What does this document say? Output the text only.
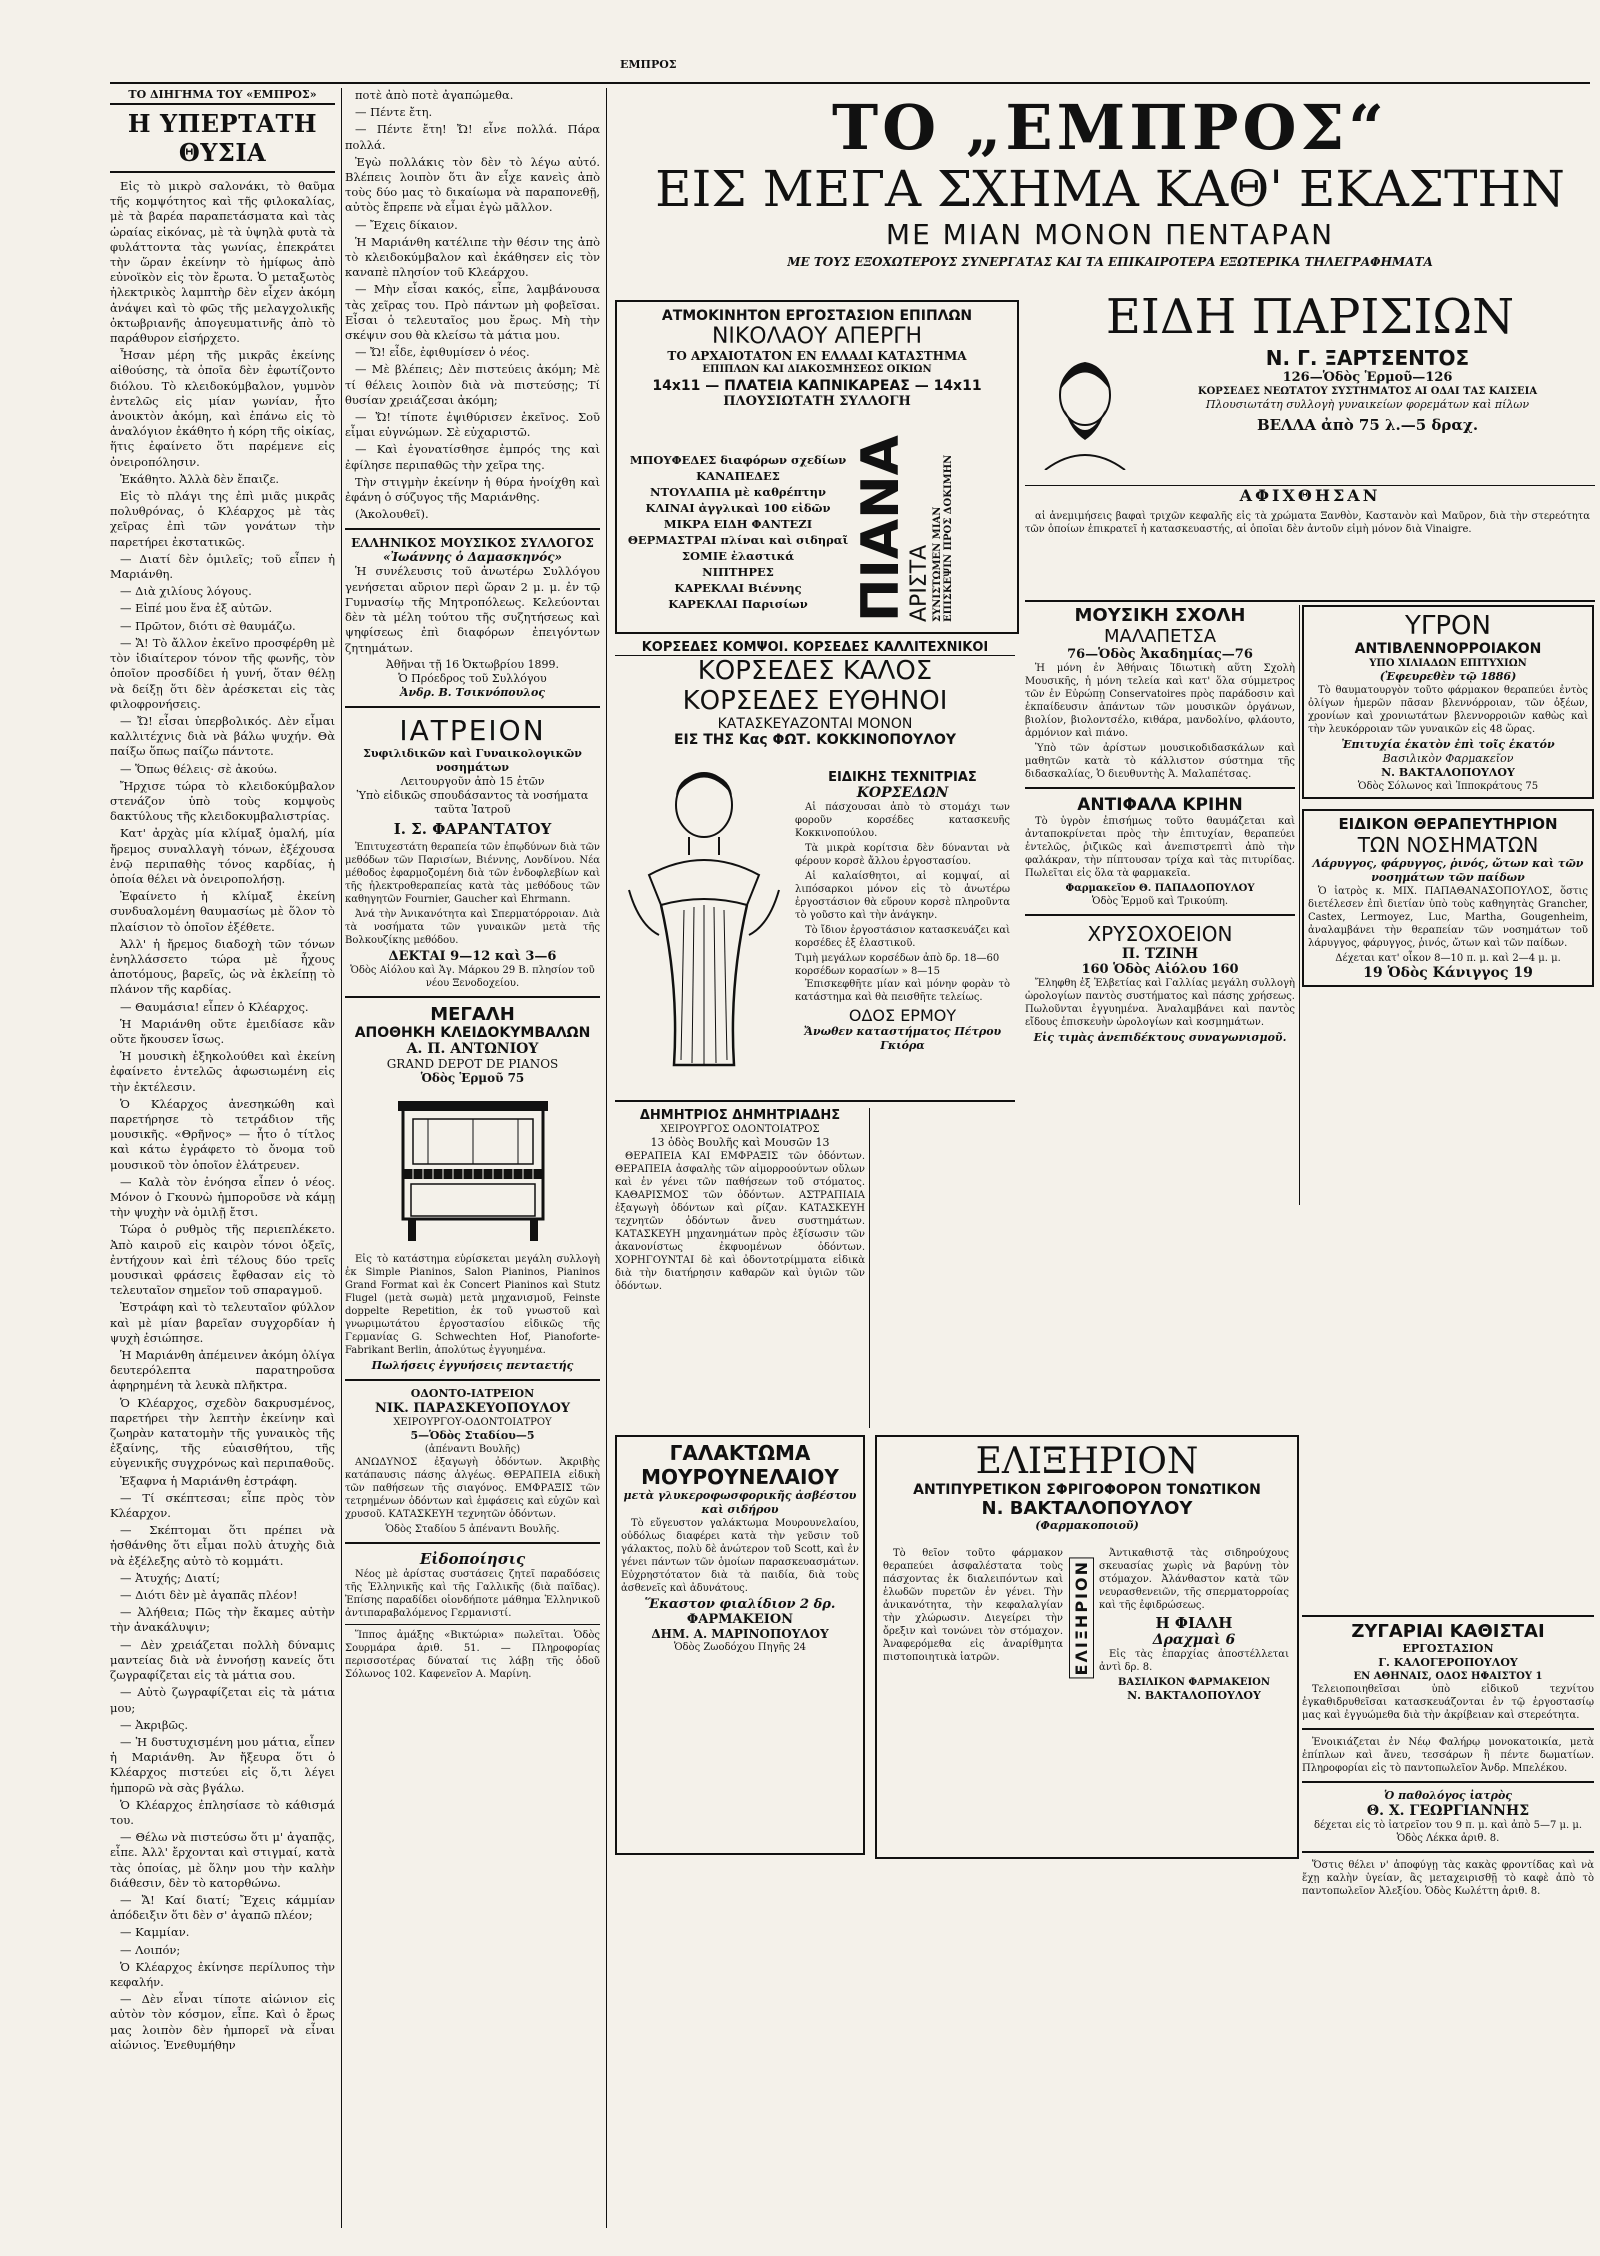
ΕΜΠΡΟΣ
ΤΟ ΔΙΗΓΗΜΑ ΤΟΥ «ΕΜΠΡΟΣ»
Η ΥΠΕΡΤΑΤΗ ΘΥΣΙΑ

Εἰς τὸ μικρὸ σαλονάκι, τὸ θαῦμα τῆς κομψότητος καὶ τῆς φιλοκαλίας, μὲ τὰ βαρέα παραπετάσματα καὶ τὰς ὡραίας εἰκόνας, μὲ τὰ ὑψηλὰ φυτὰ τὰ φυλάττοντα τὰς γωνίας, ἐπεκράτει τὴν ὥραν ἐκείνην τὸ ἡμίφως ἀπὸ εὐνοϊκὸν εἰς τὸν ἔρωτα. Ὁ μεταξωτὸς ἠλεκτρικὸς λαμπτὴρ δὲν εἶχεν ἀκόμη ἀνάψει καὶ τὸ φῶς τῆς μελαγχολικῆς ὀκτωβριανῆς ἀπογευματινῆς ἀπὸ τὸ παράθυρον εἰσήρχετο.

Ἦσαν μέρη τῆς μικρᾶς ἐκείνης αἰθούσης, τὰ ὁποῖα δὲν ἐφωτίζοντο διόλου. Τὸ κλειδοκύμβαλον, γυμνὸν ἐντελῶς εἰς μίαν γωνίαν, ἦτο ἀνοικτὸν ἀκόμη, καὶ ἐπάνω εἰς τὸ ἀναλόγιον ἐκάθητο ἡ κόρη τῆς οἰκίας, ἥτις ἐφαίνετο ὅτι παρέμενε εἰς ὀνειροπόλησιν.

Ἐκάθητο. Ἀλλὰ δὲν ἔπαιζε.

Εἰς τὸ πλάγι της ἐπὶ μιᾶς μικρᾶς πολυθρόνας, ὁ Κλέαρχος μὲ τὰς χεῖρας ἐπὶ τῶν γονάτων τὴν παρετήρει ἐκστατικῶς.

— Διατί δὲν ὁμιλεῖς; τοῦ εἶπεν ἡ Μαριάνθη.

— Διὰ χιλίους λόγους.

— Εἰπέ μου ἕνα ἐξ αὐτῶν.

— Πρῶτον, διότι σὲ θαυμάζω.

— Ἄ! Τὸ ἄλλον ἐκεῖνο προσφέρθη μὲ τὸν ἰδιαίτερον τόνον τῆς φωνῆς, τὸν ὁποῖον προσδίδει ἡ γυνή, ὅταν θέλῃ νὰ δείξῃ ὅτι δὲν ἀρέσκεται εἰς τὰς φιλοφρονήσεις.

— Ὤ! εἶσαι ὑπερβολικός. Δὲν εἶμαι καλλιτέχνις διὰ νὰ βάλω ψυχήν. Θὰ παίξω ὅπως παίζω πάντοτε.

— Ὅπως θέλεις· σὲ ἀκούω.

Ἤρχισε τώρα τὸ κλειδοκύμβαλον στενάζον ὑπὸ τοὺς κομψοὺς δακτύλους τῆς κλειδοκυμβαλιστρίας.

Κατ' ἀρχὰς μία κλίμαξ ὁμαλή, μία ἤρεμος συναλλαγὴ τόνων, ἐξέχουσα ἐνῷ περιπαθὴς τόνος καρδίας, ἡ ὁποία θέλει νὰ ὀνειροπολήσῃ.

Ἐφαίνετο ἡ κλίμαξ ἐκείνη συνδυαλομένη θαυμασίως μὲ ὅλον τὸ πλαίσιον τὸ ὁποῖον ἐξέθετε.

Ἀλλ' ἡ ἤρεμος διαδοχὴ τῶν τόνων ἐνηλλάσσετο τώρα μὲ ἦχους ἀποτόμους, βαρεῖς, ὡς νὰ ἐκλείπῃ τὸ πλάνον τῆς καρδίας.

— Θαυμάσια! εἶπεν ὁ Κλέαρχος.

Ἡ Μαριάνθη οὔτε ἐμειδίασε κἂν οὔτε ἤκουσεν ἴσως.

Ἡ μουσικὴ ἐξηκολούθει καὶ ἐκείνη ἐφαίνετο ἐντελῶς ἀφωσιωμένη εἰς τὴν ἐκτέλεσιν.

Ὁ Κλέαρχος ἀνεσηκώθη καὶ παρετήρησε τὸ τετράδιον τῆς μουσικῆς. «Θρῆνος» — ἦτο ὁ τίτλος καὶ κάτω ἐγράφετο τὸ ὄνομα τοῦ μουσικοῦ τὸν ὁποῖον ἐλάτρευεν.

— Καλὰ τὸν ἐνόησα εἶπεν ὁ νέος. Μόνον ὁ Γκουνὼ ἠμποροῦσε νὰ κάμῃ τὴν ψυχὴν νὰ ὁμιλῇ ἔτσι.

Τώρα ὁ ρυθμὸς τῆς περιεπλέκετο. Ἀπὸ καιροῦ εἰς καιρὸν τόνοι ὀξεῖς, ἐντήχουν καὶ ἐπὶ τέλους δύο τρεῖς μουσικαὶ φράσεις ἔφθασαν εἰς τὸ τελευταῖον σημεῖον τοῦ σπαραγμοῦ.

Ἐστράφη καὶ τὸ τελευταῖον φύλλον καὶ μὲ μίαν βαρεῖαν συγχορδίαν ἡ ψυχὴ ἐσιώπησε.

Ἡ Μαριάνθη ἀπέμεινεν ἀκόμη ὀλίγα δευτερόλεπτα παρατηροῦσα ἀφηρημένη τὰ λευκὰ πλῆκτρα.

Ὁ Κλέαρχος, σχεδὸν δακρυσμένος, παρετήρει τὴν λεπτὴν ἐκείνην καὶ ζωηρὰν κατατομὴν τῆς γυναικὸς τῆς ἐξαίνης, τῆς εὐαισθήτου, τῆς εὐγενικῆς συγχρόνως καὶ περιπαθοῦς.

Ἐξαφνα ἡ Μαριάνθη ἐστράφη.

— Τί σκέπτεσαι; εἶπε πρὸς τὸν Κλέαρχον.

— Σκέπτομαι ὅτι πρέπει νὰ ἠσθάνθης ὅτι εἶμαι πολὺ ἀτυχὴς διὰ νὰ ἐξέλεξης αὐτὸ τὸ κομμάτι.

— Ἀτυχής; Διατί;

— Διότι δὲν μὲ ἀγαπᾶς πλέον!

— Ἀλήθεια; Πῶς τὴν ἔκαμες αὐτὴν τὴν ἀνακάλυψιν;

— Δὲν χρειάζεται πολλὴ δύναμις μαντείας διὰ νὰ ἐννοήσῃ κανείς ὅτι ζωγραφίζεται εἰς τὰ μάτια σου.

— Αὐτὸ ζωγραφίζεται εἰς τὰ μάτια μου;

— Ἀκριβῶς.

— Ἡ δυστυχισμένη μου μάτια, εἶπεν ἡ Μαριάνθη. Ἀν ἤξευρα ὅτι ὁ Κλέαρχος πιστεύει εἰς ὅ,τι λέγει ἡμπορῶ νὰ σὰς βγάλω.

Ὁ Κλέαρχος ἐπλησίασε τὸ κάθισμά του.

— Θέλω νὰ πιστεύσω ὅτι μ' ἀγαπᾷς, εἶπε. Ἀλλ' ἔρχονται καὶ στιγμαί, κατὰ τὰς ὁποίας, μὲ ὅλην μου τὴν καλὴν διάθεσιν, δὲν τὸ κατορθώνω.

— Ἄ! Καί διατί; Ἔχεις κάμμίαν ἀπόδειξιν ὅτι δὲν σ' ἀγαπῶ πλέον;

— Καμμίαν.

— Λοιπόν;

Ὁ Κλέαρχος ἐκίνησε περίλυπος τὴν κεφαλήν.

— Δὲν εἶναι τίποτε αἰώνιον εἰς αὐτὸν τὸν κόσμον, εἶπε. Καὶ ὁ ἔρως μας λοιπὸν δὲν ἠμπορεῖ νὰ εἶναι αἰώνιος. Ἐνεθυμήθην

ποτὲ ἀπὸ ποτὲ ἀγαπώμεθα.

— Πέντε ἔτη.

— Πέντε ἔτη! Ὤ! εἶνε πολλά. Πάρα πολλά.

Ἐγὼ πολλάκις τὸν δὲν τὸ λέγω αὐτό. Βλέπεις λοιπὸν ὅτι ἂν εἶχε κανεὶς ἀπὸ τοὺς δύο μας τὸ δικαίωμα νὰ παραπονεθῇ, αὐτὸς ἔπρεπε νὰ εἶμαι ἐγὼ μᾶλλον.

— Ἔχεις δίκαιον.

Ἡ Μαριάνθη κατέλιπε τὴν θέσιν της ἀπὸ τὸ κλειδοκύμβαλον καὶ ἐκάθησεν εἰς τὸν καναπὲ πλησίον τοῦ Κλεάρχου.

— Μὴν εἶσαι κακός, εἶπε, λαμβάνουσα τὰς χεῖρας του. Πρὸ πάντων μὴ φοβεῖσαι. Εἶσαι ὁ τελευταῖος μου ἔρως. Μὴ τὴν σκέψιν σου θὰ κλείσω τὰ μάτια μου.

— Ὤ! εἶδε, ἐφιθυμίσεν ὁ νέος.

— Μὲ βλέπεις; Δὲν πιστεύεις ἀκόμη; Μὲ τί θέλεις λοιπὸν διὰ νὰ πιστεύσῃς; Τί θυσίαν χρειάζεσαι ἀκόμη;

— Ὤ! τίποτε ἐψιθύρισεν ἐκεῖνος. Σοῦ εἶμαι εὐγνώμων. Σὲ εὐχαριστῶ.

— Καὶ ἐγονατίσθησε ἐμπρός της καὶ ἐφίλησε περιπαθῶς τὴν χεῖρα της.

Τὴν στιγμὴν ἐκείνην ἡ θύρα ἠνοίχθη καὶ ἐφάνη ὁ σύζυγος τῆς Μαριάνθης.

(Ἀκολουθεῖ).

ΕΛΛΗΝΙΚΟΣ ΜΟΥΣΙΚΟΣ ΣΥΛΛΟΓΟΣ
«Ἰωάννης ὁ Δαμασκηνός»

Ἡ συνέλευσις τοῦ ἀνωτέρω Συλλόγου γενήσεται αὔριον περὶ ὥραν 2 μ. μ. ἐν τῷ Γυμνασίῳ τῆς Μητροπόλεως. Κελεύονται δὲν τὰ μέλη τούτου τῆς συζητήσεως καὶ ψηφίσεως ἐπὶ διαφόρων ἐπειγόντων ζητημάτων.

Ἀθῆναι τῇ 16 Ὀκτωβρίου 1899.
Ὁ Πρόεδρος τοῦ Συλλόγου
Ἀνδρ. Β. Τσικνόπουλος
ΙΑΤΡΕΙΟΝ
Συφιλιδικῶν καὶ Γυναικολογικῶν νοσημάτων
Λειτουργοῦν ἀπὸ 15 ἐτῶν
Ὑπὸ εἰδικῶς σπουδάσαντος τὰ νοσήματα ταῦτα Ἰατροῦ
Ι. Σ. ΦΑΡΑΝΤΑΤΟΥ

Ἐπιτυχεστάτη θεραπεία τῶν ἐπῳδύνων διὰ τῶν μεθόδων τῶν Παρισίων, Βιέννης, Λονδίνου. Νέα μέθοδος ἐφαρμοζομένη διὰ τῶν ἐνδοφλεβίων καὶ τῆς ἠλεκτροθεραπείας κατὰ τὰς μεθόδους τῶν καθηγητῶν Fournier, Gaucher καὶ Ehrmann.

Ἀνά τὴν Ἀνικανότητα καὶ Σπερματόρροιαν. Διὰ τὰ νοσήματα τῶν γυναικῶν μετὰ τῆς Βολκουζίκης μεθόδου.

ΔΕΚΤΑΙ 9—12 καὶ 3—6
Ὁδὸς Αἰόλου καὶ Ἁγ. Μάρκου 29 Β. πλησίον τοῦ νέου Ξενοδοχείου.
ΜΕΓΑΛΗ
ΑΠΟΘΗΚΗ ΚΛΕΙΔΟΚΥΜΒΑΛΩΝ
Α. Π. ΑΝΤΩΝΙΟΥ
GRAND DEPOT DE PIANOS
Ὁδὸς Ἑρμοῦ 75

Εἰς τὸ κατάστημα εὑρίσκεται μεγάλη συλλογὴ ἐκ Simple Pianinos, Salon Pianinos, Pianinos Grand Format καὶ ἐκ Concert Pianinos καὶ Stutz Flugel (μετὰ σωμὰ) μετὰ μηχανισμοῦ, Feinste doppelte Repetition, ἐκ τοῦ γνωστοῦ καὶ γνωριμωτάτου ἐργοστασίου εἰδικῶς τῆς Γερμανίας G. Schwechten Hof, Pianoforte-Fabrikant Berlin, ἀπολύτως ἐγγυημένα.

Πωλήσεις ἐγγυήσεις πενταετής
ΟΔΟΝΤΟ-ΙΑΤΡΕΙΟΝ
ΝΙΚ. ΠΑΡΑΣΚΕΥΟΠΟΥΛΟΥ
ΧΕΙΡΟΥΡΓΟΥ-ΟΔΟΝΤΟΙΑΤΡΟΥ
5—Ὁδὸς Σταδίου—5
(ἀπέναντι Βουλῆς)

ΑΝΩΔΥΝΟΣ ἐξαγωγὴ ὀδόντων. Ἀκριβὴς κατάπαυσις πάσης ἀλγέως. ΘΕΡΑΠΕΙΑ εἰδικὴ τῶν παθήσεων τῆς σιαγόνος. ΕΜΦΡΑΞΙΣ τῶν τετρημένων ὀδόντων καὶ ἐμφάσεις καὶ εὐχῶν καὶ χρυσοῦ. ΚΑΤΑΣΚΕΥΗ τεχνητῶν ὀδόντων.

Ὁδὸς Σταδίου 5 ἀπέναντι Βουλῆς.
Εἰδοποίησις

Νέος μὲ ἀρίστας συστάσεις ζητεῖ παραδόσεις τῆς Ἑλληνικῆς καὶ τῆς Γαλλικῆς (διὰ παῖδας). Ἐπίσης παραδίδει οἰονδήποτε μάθημα Ἑλληνικοῦ ἀντιπαραβαλόμενος Γερμανιστί.

Ἵππος ἀμάξης «Βικτώρια» πωλεῖται. Ὁδὸς Σουρμάρα ἀριθ. 51. — Πληροφορίας περισσοτέρας δύναταί τις λάβῃ τῆς ὁδοῦ Σόλωνος 102. Καφενεῖον Α. Μαρίνη.

ΤΟ „ΕΜΠΡΟΣ“
ΕΙΣ ΜΕΓΑ ΣΧΗΜΑ ΚΑΘ' ΕΚΑΣΤΗΝ
ΜΕ ΜΙΑΝ ΜΟΝΟΝ ΠΕΝΤΑΡΑΝ
ΜΕ ΤΟΥΣ ΕΞΟΧΩΤΕΡΟΥΣ ΣΥΝΕΡΓΑΤΑΣ ΚΑΙ ΤΑ ΕΠΙΚΑΙΡΟΤΕΡΑ ΕΞΩΤΕΡΙΚΑ ΤΗΛΕΓΡΑΦΗΜΑΤΑ
ΑΤΜΟΚΙΝΗΤΟΝ ΕΡΓΟΣΤΑΣΙΟΝ ΕΠΙΠΛΩΝ
ΝΙΚΟΛΑΟΥ ΑΠΕΡΓΗ
ΤΟ ΑΡΧΑΙΟΤΑΤΟΝ ΕΝ ΕΛΛΑΔΙ ΚΑΤΑΣΤΗΜΑ
ΕΠΙΠΛΩΝ ΚΑΙ ΔΙΑΚΟΣΜΗΣΕΩΣ ΟΙΚΙΩΝ
14x11 — ΠΛΑΤΕΙΑ ΚΑΠΝΙΚΑΡΕΑΣ — 14x11
ΠΛΟΥΣΙΩΤΑΤΗ ΣΥΛΛΟΓΗ
ΜΠΟΥΦΕΔΕΣ διαφόρων σχεδίων
ΚΑΝΑΠΕΔΕΣ
ΝΤΟΥΛΑΠΙΑ μὲ καθρέπτην
ΚΛΙΝΑΙ ἀγγλικαὶ 100 εἰδῶν
ΜΙΚΡΑ ΕΙΔΗ ΦΑΝΤΕΖΙ
ΘΕΡΜΑΣΤΡΑΙ πλίναι καὶ σιδηραῖ
ΣΟΜΙΕ ἐλαστικά
ΝΙΠΤΗΡΕΣ
ΚΑΡΕΚΛΑΙ Βιέννης
ΚΑΡΕΚΛΑΙ Παρισίων ΠΙΑΝΑ
ΑΡΙΣΤΑ ΣΥΝΙΣΤΩΜΕΝ ΜΙΑΝ ΕΠΙΣΚΕΨΙΝ ΠΡΟΣ ΔΟΚΙΜΗΝ
ΚΟΡΣΕΔΕΣ ΚΟΜΨΟΙ. ΚΟΡΣΕΔΕΣ ΚΑΛΛΙΤΕΧΝΙΚΟΙ
ΚΟΡΣΕΔΕΣ ΚΑΛΟΣ
ΚΟΡΣΕΔΕΣ ΕΥΘΗΝΟΙ
ΚΑΤΑΣΚΕΥΑΖΟΝΤΑΙ ΜΟΝΟΝ
ΕΙΣ ΤΗΣ Κας ΦΩΤ. ΚΟΚΚΙΝΟΠΟΥΛΟΥ
ΕΙΔΙΚΗΣ ΤΕΧΝΙΤΡΙΑΣ
ΚΟΡΣΕΔΩΝ

Αἱ πάσχουσαι ἀπὸ τὸ στομάχι των φοροῦν κορσέδες κατασκευῆς Κοκκινοπούλου.

Τὰ μικρὰ κορίτσια δὲν δύνανται νὰ φέρουν κορσὲ ἄλλου ἐργοστασίου.

Αἱ καλαίσθητοι, αἱ κομψαί, αἱ λιπόσαρκοι μόνον εἰς τὸ ἀνωτέρω ἐργοστάσιον θὰ εὕρουν κορσὲ πληροῦντα τὸ γοῦστο καὶ τὴν ἀνάγκην.

Τὸ ἴδιον ἐργοστάσιον κατασκευάζει καὶ κορσέδες ἐξ ἐλαστικοῦ.

Τιμὴ μεγάλων κορσέδων ἀπὸ δρ. 18—60
κορσέδων κορασίων » 8—15

Ἐπισκεφθῆτε μίαν καὶ μόνην φορὰν τὸ κατάστημα καὶ θὰ πεισθῆτε τελείως.

ΟΔΟΣ ΕΡΜΟΥ
Ἄνωθεν καταστήματος Πέτρου Γκιόρα
ΔΗΜΗΤΡΙΟΣ ΔΗΜΗΤΡΙΑΔΗΣ
ΧΕΙΡΟΥΡΓΟΣ ΟΔΟΝΤΟΙΑΤΡΟΣ
13 ὁδὸς Βουλῆς καὶ Μουσῶν 13

ΘΕΡΑΠΕΙΑ ΚΑΙ ΕΜΦΡΑΞΙΣ τῶν ὀδόντων. ΘΕΡΑΠΕΙΑ ἀσφαλὴς τῶν αἱμορροούντων οὔλων καὶ ἐν γένει τῶν παθήσεων τοῦ στόματος. ΚΑΘΑΡΙΣΜΟΣ τῶν ὀδόντων. ΑΣΤΡΑΠΙΑΙΑ ἐξαγωγὴ ὀδόντων καὶ ρίζαν. ΚΑΤΑΣΚΕΥΗ τεχνητῶν ὀδόντων ἄνευ συστημάτων. ΚΑΤΑΣΚΕΥΗ μηχανημάτων πρὸς ἐξίσωσιν τῶν ἀκανονίστως ἐκφυομένων ὀδόντων. ΧΟΡΗΓΟΥΝΤΑΙ δὲ καὶ ὀδοντοτρίμματα εἰδικὰ διὰ τὴν διατήρησιν καθαρῶν καὶ ὑγιῶν τῶν ὀδόντων.

ΓΑΛΑΚΤΩΜΑ ΜΟΥΡΟΥΝΕΛΑΙΟΥ
μετὰ γλυκεροφωσφορικῆς ἀσβέστου καὶ σιδήρου

Τὸ εὔγευστον γαλάκτωμα Μουρουνελαίου, οὐδόλως διαφέρει κατὰ τὴν γεῦσιν τοῦ γάλακτος, πολὺ δὲ ἀνώτερον τοῦ Scott, καὶ ἐν γένει πάντων τῶν ὁμοίων παρασκευασμάτων. Εὐχρηστότατον διὰ τὰ παιδία, διὰ τοὺς ἀσθενεῖς καὶ ἀδυνάτους.

Ἕκαστον φιαλίδιον 2 δρ.
ΦΑΡΜΑΚΕΙΟΝ
ΔΗΜ. Α. ΜΑΡΙΝΟΠΟΥΛΟΥ
Ὁδὸς Ζωοδόχου Πηγῆς 24
ΕΙΔΗ ΠΑΡΙΣΙΩΝ
Ν. Γ. ΞΑΡΤΣΕΝΤΟΣ
126—Ὁδὸς Ἑρμοῦ—126
ΚΟΡΣΕΔΕΣ ΝΕΩΤΑΤΟΥ ΣΥΣΤΗΜΑΤΟΣ ΑΙ ΟΔΑΙ ΤΑΣ ΚΑΙΣΕΙΑ
Πλουσιωτάτη συλλογὴ γυναικείων φορεμάτων καὶ πίλων
ΒΕΛΛΑ ἀπὸ 75 λ.—5 δραχ.
ΑΦΙΧΘΗΣΑΝ

αἱ ἀνεμιμήσεις βαφαὶ τριχῶν κεφαλῆς εἰς τὰ χρώματα Ξανθὸν, Καστανὸν καὶ Μαῦρον, διὰ τὴν στερεότητα τῶν ὁποίων ἐπικρατεῖ ἡ κατασκευαστής, αἱ ὁποῖαι δὲν ἀντοῦν εἰμὴ μόνον διὰ Vinaigre.

ΜΟΥΣΙΚΗ ΣΧΟΛΗ
ΜΑΛΑΠΕΤΣΑ
76—Ὁδὸς Ἀκαδημίας—76

Ἡ μόνη ἐν Ἀθήναις Ἰδιωτικὴ αὕτη Σχολὴ Μουσικῆς, ἡ μόνη τελεία καὶ κατ' ὅλα σύμμετρος τῶν ἐν Εὐρώπῃ Conservatoires πρὸς παράδοσιν καὶ ἐκπαίδευσιν ἁπάντων τῶν μουσικῶν ὀργάνων, βιολίον, βιολοντσέλο, κιθάρα, μανδολίνο, φλάουτο, ἁρμόνιον καὶ πιάνο.

Ὑπὸ τῶν ἀρίστων μουσικοδιδασκάλων καὶ μαθητῶν κατὰ τὸ κάλλιστον σύστημα τῆς διδασκαλίας, Ὁ διευθυντὴς Ἀ. Μαλαπέτσας.

ΑΝΤΙΦΑΛΑ ΚΡΙΗΝ

Τὸ ὑγρὸν ἐπισήμως τοῦτο θαυμάζεται καὶ ἀνταποκρίνεται πρὸς τὴν ἐπιτυχίαν, θεραπεύει ἐντελῶς, ῥιζικῶς καὶ ἀνεπιστρεπτὶ ἀπὸ τὴν φαλάκραν, τὴν πίπτουσαν τρίχα καὶ τὰς πιτυρίδας. Πωλεῖται εἰς ὅλα τὰ φαρμακεῖα.

Φαρμακεῖον Θ. ΠΑΠΑΔΟΠΟΥΛΟΥ
Ὁδὸς Ἑρμοῦ καὶ Τρικούπη.
ΧΡΥΣΟΧΟΕΙΟΝ
Π. ΤΖΙΝΗ
160 Ὁδὸς Αἰόλου 160

Ἔληφθη ἐξ Ἑλβετίας καὶ Γαλλίας μεγάλη συλλογὴ ὡρολογίων παντὸς συστήματος καὶ πάσης χρήσεως. Πωλοῦνται ἐγγυημένα. Ἀναλαμβάνει καὶ παντὸς εἴδους ἐπισκευὴν ὡρολογίων καὶ κοσμημάτων.

Εἰς τιμὰς ἀνεπιδέκτους συναγωνισμοῦ.
ΥΓΡΟΝ
ΑΝΤΙΒΛΕΝΝΟΡΡΟΙΑΚΟΝ
ΥΠΟ ΧΙΛΙΑΔΩΝ ΕΠΙΤΥΧΙΩΝ
(Ἐφευρεθὲν τῷ 1886)

Τὸ θαυματουργὸν τοῦτο φάρμακον θεραπεύει ἐντὸς ὀλίγων ἡμερῶν πᾶσαν βλεννόρροιαν, τῶν ὀξέων, χρονίων καὶ χρονιωτάτων βλεννορροιῶν καθὼς καὶ τὴν λευκόρροιαν τῶν γυναικῶν εἰς 48 ὥρας.

Ἐπιτυχία ἑκατὸν ἐπὶ τοῖς ἑκατόν
Βασιλικὸν Φαρμακεῖον
Ν. ΒΑΚΤΑΛΟΠΟΥΛΟΥ
Ὁδὸς Σόλωνος καὶ Ἱπποκράτους 75
ΕΙΔΙΚΟΝ ΘΕΡΑΠΕΥΤΗΡΙΟΝ
ΤΩΝ ΝΟΣΗΜΑΤΩΝ
Λάρυγγος, φάρυγγος, ῥινός, ὤτων καὶ τῶν νοσημάτων τῶν παίδων

Ὁ ἰατρὸς κ. ΜΙΧ. ΠΑΠΑΘΑΝΑΣΟΠΟΥΛΟΣ, ὅστις διετέλεσεν ἐπὶ διετίαν ὑπὸ τοὺς καθηγητὰς Grancher, Castex, Lermoyez, Luc, Martha, Gougenheim, ἀναλαμβάνει τὴν θεραπείαν τῶν νοσημάτων τοῦ λάρυγγος, φάρυγγος, ῥινός, ὤτων καὶ τῶν παίδων.

Δέχεται κατ' οἶκον 8—10 π. μ. καὶ 2—4 μ. μ.
19 Ὁδὸς Κάνιγγος 19
ΕΛΙΞΗΡΙΟΝ
ΑΝΤΙΠΥΡΕΤΙΚΟΝ ΣΦΡΙΓΟΦΟΡΟΝ ΤΟΝΩΤΙΚΟΝ
Ν. ΒΑΚΤΑΛΟΠΟΥΛΟΥ
(Φαρμακοποιοῦ)

Τὸ θεῖον τοῦτο φάρμακον θεραπεύει ἀσφαλέστατα τοὺς πάσχοντας ἐκ διαλειπόντων καὶ ἑλωδῶν πυρετῶν ἐν γένει. Τὴν ἀνικανότητα, τὴν κεφαλαλγίαν τὴν χλώρωσιν. Διεγείρει τὴν ὄρεξιν καὶ τονώνει τὸν στόμαχον. Ἀναφερόμεθα εἰς ἀναρίθμητα πιστοποιητικὰ ἰατρῶν.	ΕΛΙΞΗΡΙΟΝ

Ἀντικαθιστᾷ τὰς σιδηρούχους σκευασίας χωρὶς νὰ βαρύνῃ τὸν στόμαχον. Ἀλάνθαστον κατὰ τῶν νευρασθενειῶν, τῆς σπερματορροίας καὶ τῆς ἐφιδρώσεως.

Η ΦΙΑΛΗ
Δραχμαὶ 6

Εἰς τὰς ἐπαρχίας ἀποστέλλεται ἀντὶ δρ. 8.

ΒΑΣΙΛΙΚΟΝ ΦΑΡΜΑΚΕΙΟΝ
Ν. ΒΑΚΤΑΛΟΠΟΥΛΟΥ
ΖΥΓΑΡΙΑΙ ΚΑΘΙΣΤΑΙ
ΕΡΓΟΣΤΑΣΙΟΝ
Γ. ΚΑΛΟΓΕΡΟΠΟΥΛΟΥ
ΕΝ ΑΘΗΝΑΙΣ, ΟΔΟΣ ΗΦΑΙΣΤΟΥ 1

Τελειοποιηθεῖσαι ὑπὸ εἰδικοῦ τεχνίτου ἐγκαθιδρυθεῖσαι κατασκευάζονται ἐν τῷ ἐργοστασίῳ μας καὶ ἐγγυώμεθα διὰ τὴν ἀκρίβειαν καὶ στερεότητα.

Ἐνοικιάζεται ἐν Νέῳ Φαλήρῳ μονοκατοικία, μετὰ ἐπίπλων καὶ ἄνευ, τεσσάρων ἢ πέντε δωματίων. Πληροφορίαι εἰς τὸ παντοπωλεῖον Ἀνδρ. Μπελέκου.

Ὁ παθολόγος ἰατρὸς
Θ. Χ. ΓΕΩΡΓΙΑΝΝΗΣ
δέχεται εἰς τὸ ἰατρεῖον του 9 π. μ. καὶ ἀπὸ 5—7 μ. μ.
Ὁδὸς Λέκκα ἀριθ. 8.

Ὅστις θέλει ν' ἀποφύγῃ τὰς κακὰς φροντίδας καὶ νὰ ἔχῃ καλὴν ὑγείαν, ἂς μεταχειρισθῇ τὸ καφὲ ἀπὸ τὸ παντοπωλεῖον Ἀλεξίου. Ὁδὸς Κωλέττη ἀριθ. 8.
